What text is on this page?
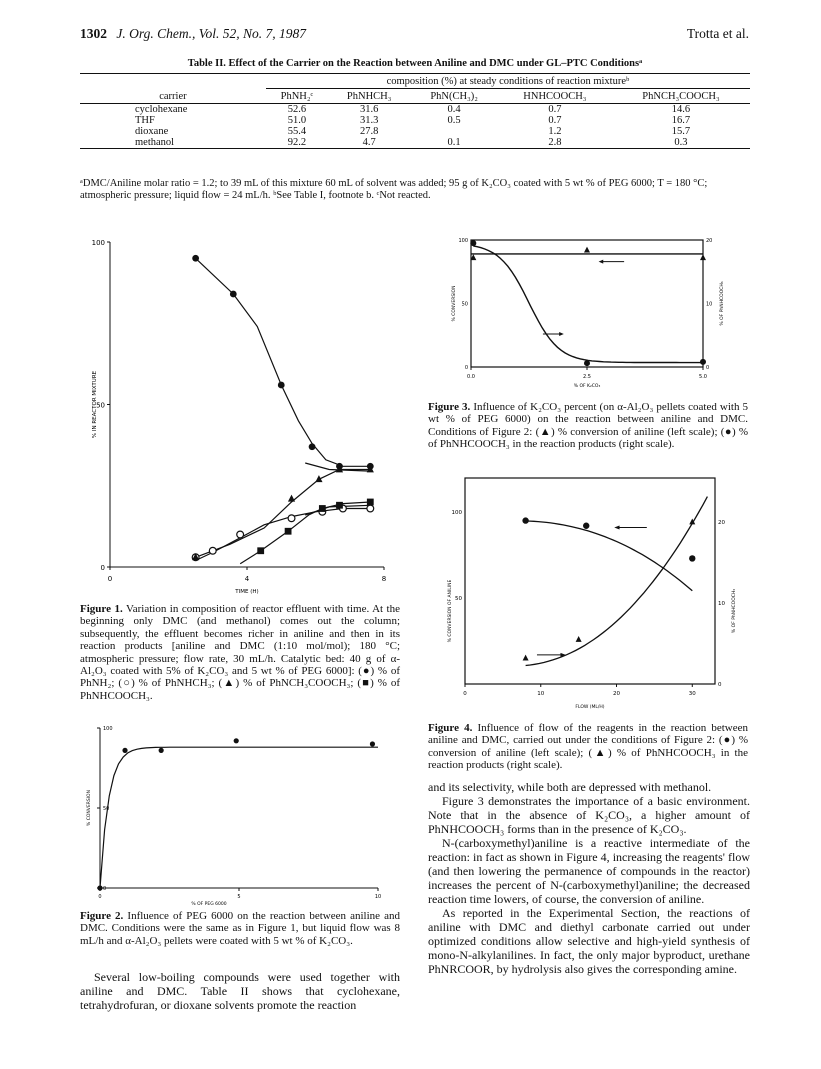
1302 J. Org. Chem., Vol. 52, No. 7, 1987	Trotta et al.
Table II. Effect of the Carrier on the Reaction between Aniline and DMC under GL–PTC Conditionsᵃ
	composition (%) at steady conditions of reaction mixtureᵇ				
carrier	PhNH₂ᶜ	PhNHCH₃	PhN(CH₃)₂	HNHCOOCH₃	PhNCH₃COOCH₃
cyclohexane	52.6	31.6	0.4	0.7	14.6
THF	51.0	31.3	0.5	0.7	16.7
dioxane	55.4	27.8		1.2	15.7
methanol	92.2	4.7	0.1	2.8	0.3
ᵃDMC/Aniline molar ratio = 1.2; to 39 mL of this mixture 60 mL of solvent was added; 95 g of K₂CO₃ coated with 5 wt % of PEG 6000; T = 180 °C; atmospheric pressure; liquid flow = 24 mL/h. ᵇSee Table I, footnote b. ᶜNot reacted.
0	4	8
0
50
100
TIME (H)
% IN REACTOR MIXTURE
Figure 1. Variation in composition of reactor effluent with time. At the beginning only DMC (and methanol) comes out the column; subsequently, the effluent becomes richer in aniline and then in its reaction products [aniline and DMC (1:10 mol/mol); 180 °C; atmospheric pressure; flow rate, 30 mL/h. Catalytic bed: 40 g of α-Al₂O₃ coated with 5% of K₂CO₃ and 5 wt % of PEG 6000]: (●) % of PhNH₂; (○) % of PhNHCH₃; (▲) % of PhNCH₃COOCH₃; (■) % of PhNHCOOCH₃.
0	5	10
0
50
100
% OF PEG 6000
% CONVERSION
Figure 2. Influence of PEG 6000 on the reaction between aniline and DMC. Conditions were the same as in Figure 1, but liquid flow was 8 mL/h and α-Al₂O₃ pellets were coated with 5 wt % of K₂CO₃.
0.0	2.5	5.0
0
50
100
0
10
20
% OF K₂CO₃
% CONVERSION	% OF PhNHCOOCH₃
Figure 3. Influence of K₂CO₃ percent (on α-Al₂O₃ pellets coated with 5 wt % of PEG 6000) on the reaction between aniline and DMC. Conditions of Figure 2: (▲) % conversion of aniline (left scale); (●) % of PhNHCOOCH₃ in the reaction products (right scale).
0	10	20	30
50
100
0
10
20
FLOW (ML/H)
% CONVERSION OF ANILINE	% OF PhNHCOOCH₃
Figure 4. Influence of flow of the reagents in the reaction between aniline and DMC, carried out under the conditions of Figure 2: (●) % conversion of aniline (left scale); (▲) % of PhNHCOOCH₃ in the reaction products (right scale).

Several low-boiling compounds were used together with aniline and DMC. Table II shows that cyclohexane, tetrahydrofuran, or dioxane solvents promote the reaction

and its selectivity, while both are depressed with methanol.

Figure 3 demonstrates the importance of a basic environment. Note that in the absence of K₂CO₃, a higher amount of PhNHCOOCH₃ forms than in the presence of K₂CO₃.

N-(carboxymethyl)aniline is a reactive intermediate of the reaction: in fact as shown in Figure 4, increasing the reagents' flow (and then lowering the permanence of compounds in the reactor) increases the percent of N-(carboxymethyl)aniline; the decreased reaction time lowers, of course, the conversion of aniline.

As reported in the Experimental Section, the reactions of aniline with DMC and diethyl carbonate carried out under optimized conditions allow selective and high-yield synthesis of mono-N-alkylanilines. In fact, the only major byproduct, urethane PhNRCOOR, by hydrolysis also gives the corresponding amine.
